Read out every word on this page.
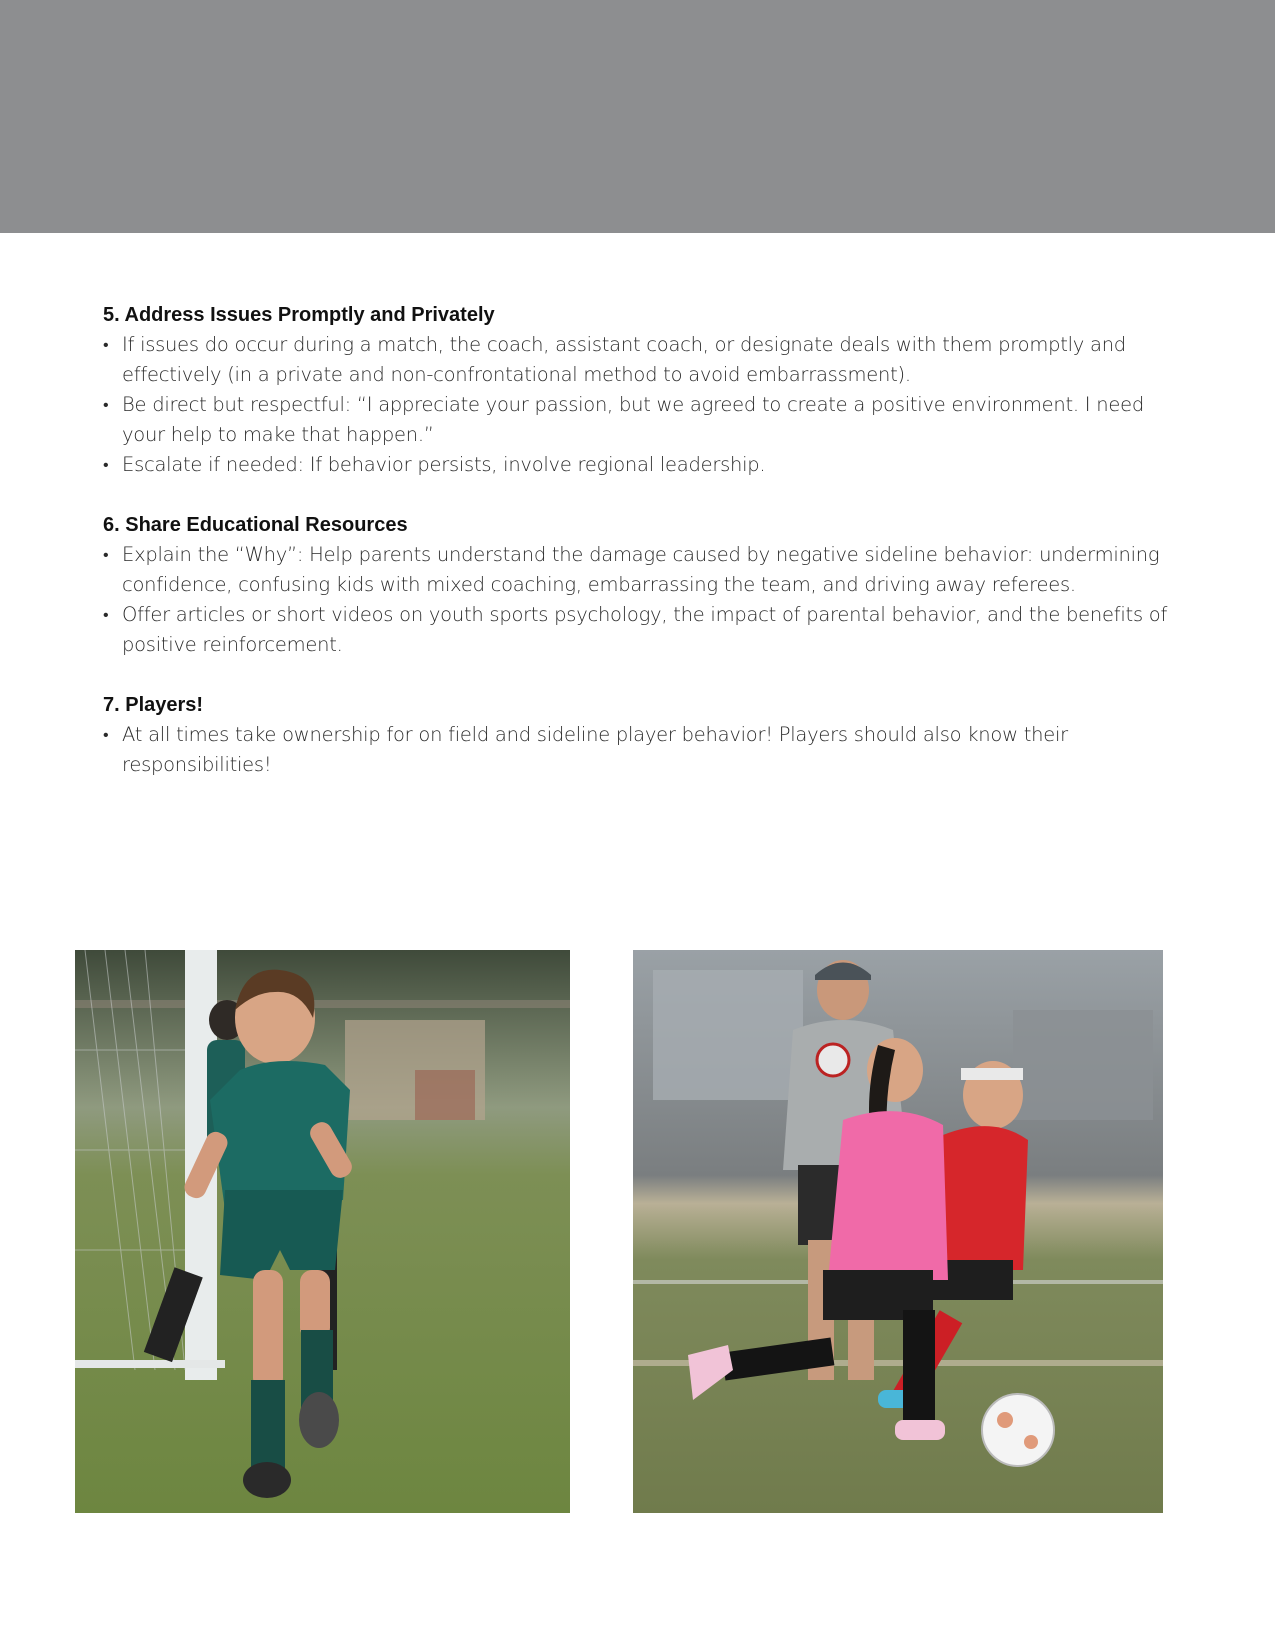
5. Address Issues Promptly and Privately
• If issues do occur during a match, the coach, assistant coach, or designate deals with them promptly and effectively (in a private and non-confrontational method to avoid embarrassment).
• Be direct but respectful: “I appreciate your passion, but we agreed to create a positive environment. I need your help to make that happen.”
• Escalate if needed: If behavior persists, involve regional leadership.
6. Share Educational Resources
• Explain the “Why”: Help parents understand the damage caused by negative sideline behavior: undermining confidence, confusing kids with mixed coaching, embarrassing the team, and driving away referees.
• Offer articles or short videos on youth sports psychology, the impact of parental behavior, and the benefits of positive reinforcement.
7. Players!
• At all times take ownership for on field and sideline player behavior! Players should also know their responsibilities!
